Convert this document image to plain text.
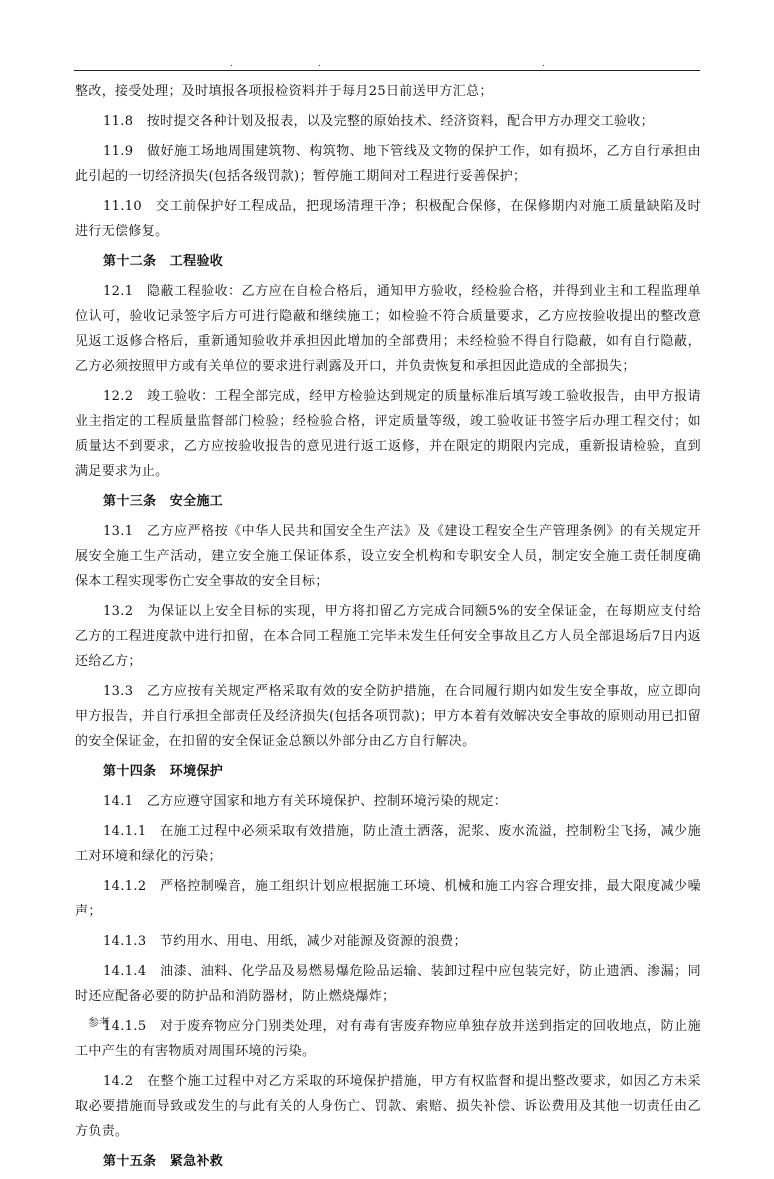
.	.	.

整改，接受处理；及时填报各项报检资料并于每月25日前送甲方汇总；

11.8　按时提交各种计划及报表，以及完整的原始技术、经济资料，配合甲方办理交工验收；

11.9　做好施工场地周围建筑物、构筑物、地下管线及文物的保护工作，如有损坏，乙方自行承担由此引起的一切经济损失(包括各级罚款)；暂停施工期间对工程进行妥善保护；

11.10　交工前保护好工程成品，把现场清理干净；积极配合保修，在保修期内对施工质量缺陷及时进行无偿修复。

第十二条　工程验收

12.1　隐蔽工程验收：乙方应在自检合格后，通知甲方验收，经检验合格，并得到业主和工程监理单位认可，验收记录签字后方可进行隐蔽和继续施工；如检验不符合质量要求，乙方应按验收提出的整改意见返工返修合格后，重新通知验收并承担因此增加的全部费用；未经检验不得自行隐蔽，如有自行隐蔽，乙方必须按照甲方或有关单位的要求进行剥露及开口，并负责恢复和承担因此造成的全部损失；

12.2　竣工验收：工程全部完成，经甲方检验达到规定的质量标准后填写竣工验收报告，由甲方报请业主指定的工程质量监督部门检验；经检验合格，评定质量等级，竣工验收证书签字后办理工程交付；如质量达不到要求，乙方应按验收报告的意见进行返工返修，并在限定的期限内完成，重新报请检验，直到满足要求为止。

第十三条　安全施工

13.1　乙方应严格按《中华人民共和国安全生产法》及《建设工程安全生产管理条例》的有关规定开展安全施工生产活动，建立安全施工保证体系，设立安全机构和专职安全人员，制定安全施工责任制度确保本工程实现零伤亡安全事故的安全目标；

13.2　为保证以上安全目标的实现，甲方将扣留乙方完成合同额5%的安全保证金，在每期应支付给乙方的工程进度款中进行扣留，在本合同工程施工完毕未发生任何安全事故且乙方人员全部退场后7日内返还给乙方；

13.3　乙方应按有关规定严格采取有效的安全防护措施，在合同履行期内如发生安全事故，应立即向甲方报告，并自行承担全部责任及经济损失(包括各项罚款)；甲方本着有效解决安全事故的原则动用已扣留的安全保证金，在扣留的安全保证金总额以外部分由乙方自行解决。

第十四条　环境保护

14.1　乙方应遵守国家和地方有关环境保护、控制环境污染的规定：

14.1.1　在施工过程中必须采取有效措施，防止渣土洒落，泥浆、废水流溢，控制粉尘飞扬，减少施工对环境和绿化的污染；

14.1.2　严格控制噪音，施工组织计划应根据施工环境、机械和施工内容合理安排，最大限度减少噪声；

14.1.3　节约用水、用电、用纸，减少对能源及资源的浪费；

14.1.4　油漆、油料、化学品及易燃易爆危险品运输、装卸过程中应包装完好，防止遗洒、渗漏；同时还应配备必要的防护品和消防器材，防止燃烧爆炸；

14.1.5　对于废弃物应分门别类处理，对有毒有害废弃物应单独存放并送到指定的回收地点，防止施工中产生的有害物质对周围环境的污染。

14.2　在整个施工过程中对乙方采取的环境保护措施，甲方有权监督和提出整改要求，如因乙方未采取必要措施而导致或发生的与此有关的人身伤亡、罚款、索赔、损失补偿、诉讼费用及其他一切责任由乙方负责。

第十五条　紧急补救

参考
